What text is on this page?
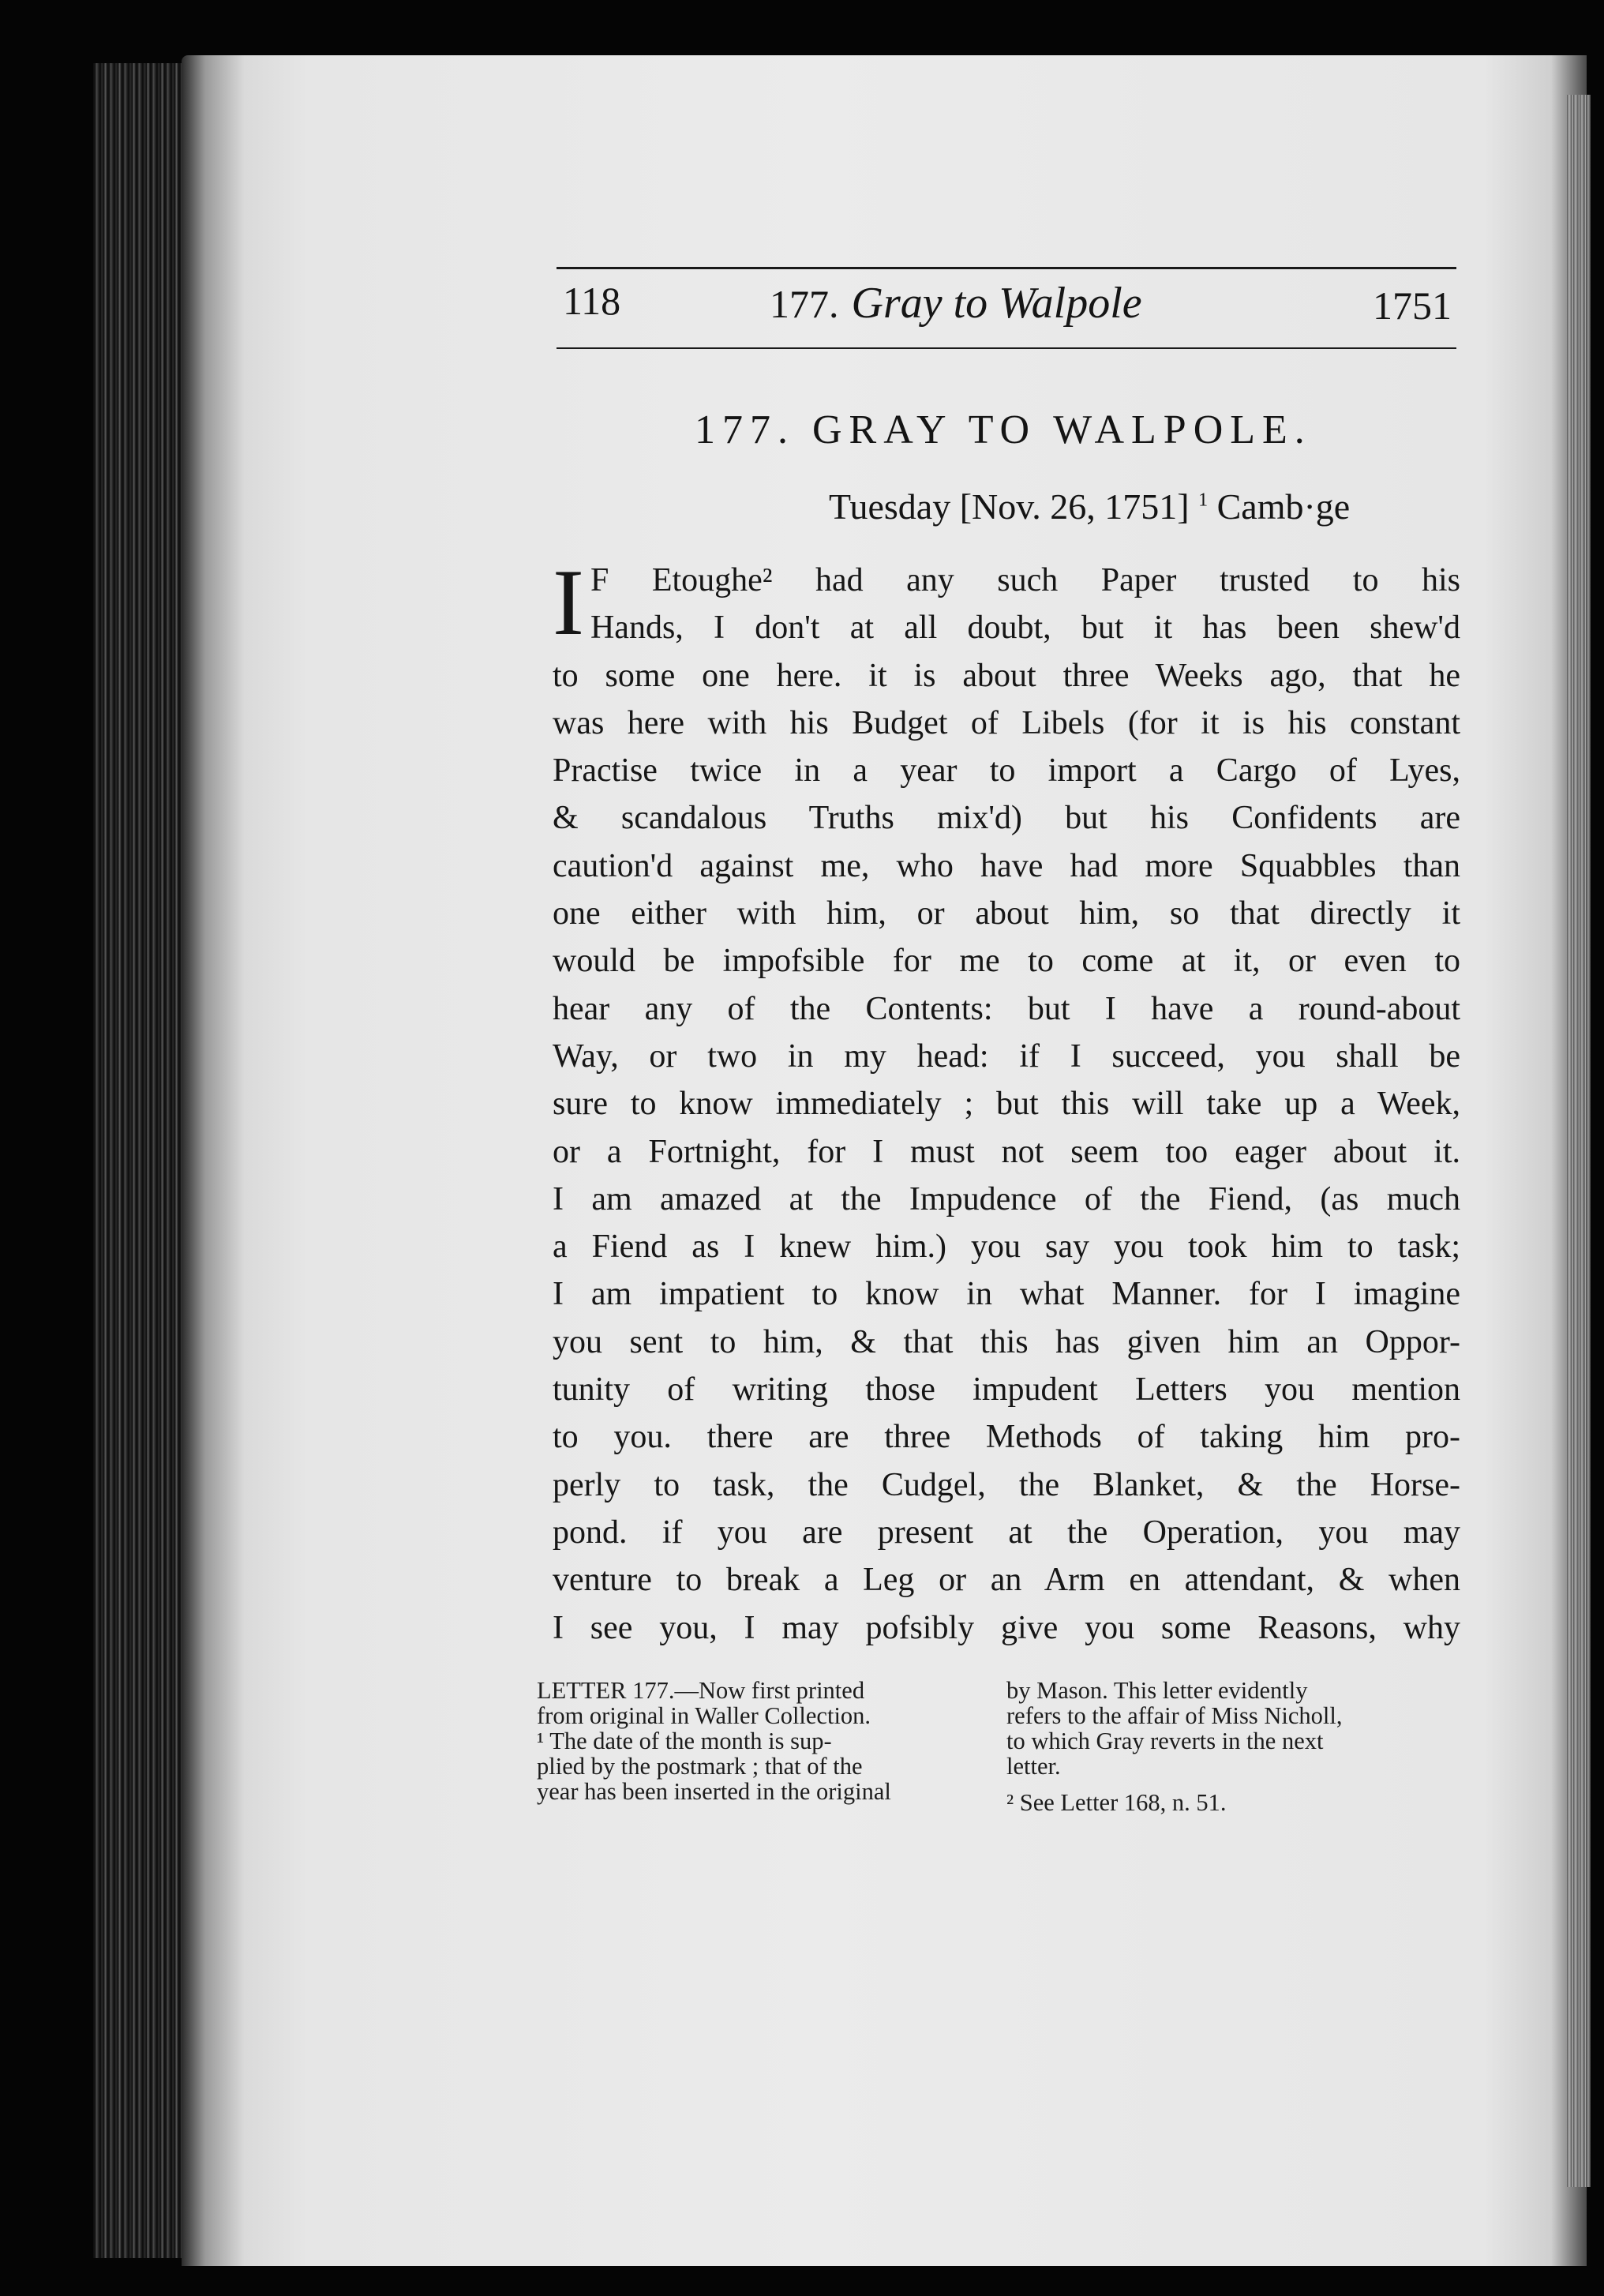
118	177. Gray to Walpole	1751
177. GRAY TO WALPOLE.
Tuesday [Nov. 26, 1751] $^1$ Camb·ge
I F Etoughe² had any such Paper trusted to his
Hands, I don't at all doubt, but it has been shew'd
to some one here. it is about three Weeks ago, that he
was here with his Budget of Libels (for it is his constant
Practise twice in a year to import a Cargo of Lyes,
& scandalous Truths mix'd) but his Confidents are
caution'd against me, who have had more Squabbles than
one either with him, or about him, so that directly it
would be impofsible for me to come at it, or even to
hear any of the Contents: but I have a round-about
Way, or two in my head: if I succeed, you shall be
sure to know immediately ; but this will take up a Week,
or a Fortnight, for I must not seem too eager about it.
I am amazed at the Impudence of the Fiend, (as much
a Fiend as I knew him.) you say you took him to task;
I am impatient to know in what Manner. for I imagine
you sent to him, & that this has given him an Oppor-
tunity of writing those impudent Letters you mention
to you. there are three Methods of taking him pro-
perly to task, the Cudgel, the Blanket, & the Horse-
pond. if you are present at the Operation, you may
venture to break a Leg or an Arm en attendant, & when
I see you, I may pofsibly give you some Reasons, why
LETTER 177.—Now first printed
from original in Waller Collection.
¹ The date of the month is sup-
plied by the postmark ; that of the
year has been inserted in the original
by Mason. This letter evidently
refers to the affair of Miss Nicholl,
to which Gray reverts in the next
letter.
² See Letter 168, n. 51.
